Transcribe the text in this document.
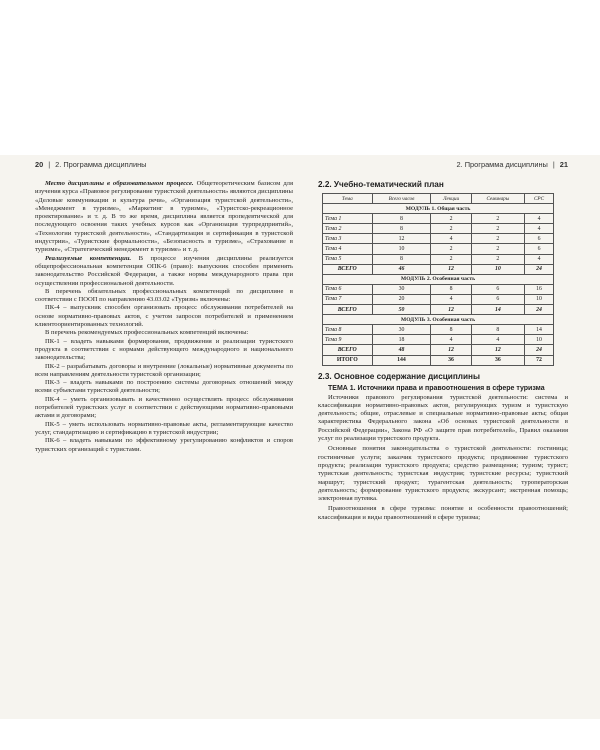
20 | 2. Программа дисциплины

Место дисциплины в образовательном процессе. Общетеоретическим базисом для изучения курса «Правовое регулирование туристской деятельности» являются дисциплины «Деловые коммуникации и культура речи», «Организация туристской деятельности», «Менеджмент в туризме», «Маркетинг в туризме», «Туристско-рекреационное проектирование» и т. д. В то же время, дисциплина является пропедевтической для последующего освоения таких учебных курсов как «Организация турпредприятий», «Технологии туристской деятельности», «Стандартизация и сертификация в туристской индустрии», «Туристские формальности», «Безопасность в туризме», «Страхование в туризме», «Стратегический менеджмент в туризме» и т. д.

Реализуемые компетенции. В процессе изучения дисциплины реализуется общепрофессиональная компетенция ОПК-6 (право): выпускник способен применять законодательство Российской Федерации, а также нормы международного права при осуществлении профессиональной деятельности.

В перечень обязательных профессиональных компетенций по дисциплине в соответствии с ПООП по направлению 43.03.02 «Туризм» включены:

ПК-4 – выпускник способен организовать процесс обслуживания потребителей на основе нормативно-правовых актов, с учетом запросов потребителей и применением клиентоориентированных технологий.

В перечень рекомендуемых профессиональных компетенций включены:

ПК-1 – владеть навыками формирования, продвижения и реализации туристского продукта в соответствии с нормами действующего международного и национального законодательства;

ПК-2 – разрабатывать договоры и внутренние (локальные) нормативные документы по всем направлениям деятельности туристской организации;

ПК-3 – владеть навыками по построению системы договорных отношений между всеми субъектами туристской деятельности;

ПК-4 – уметь организовывать и качественно осуществлять процесс обслуживания потребителей туристских услуг в соответствии с действующими нормативно-правовыми актами и договорами;

ПК-5 – уметь использовать нормативно-правовые акты, регламентирующие качество услуг, стандартизацию и сертификацию в туристской индустрии;

ПК-6 – владеть навыками по эффективному урегулированию конфликтов и споров туристских организаций с туристами.

2. Программа дисциплины | 21
2.2. Учебно-тематический план
Тема	Всего часов	Лекции	Семинары	СРС
МОДУЛЬ 1. Общая часть				
Тема 1	8	2	2	4
Тема 2	8	2	2	4
Тема 3	12	4	2	6
Тема 4	10	2	2	6
Тема 5	8	2	2	4
ВСЕГО	46	12	10	24
МОДУЛЬ 2. Особенная часть				
Тема 6	30	8	6	16
Тема 7	20	4	6	10
ВСЕГО	50	12	14	24
МОДУЛЬ 3. Особенная часть				
Тема 8	30	8	8	14
Тема 9	18	4	4	10
ВСЕГО	48	12	12	24
ИТОГО	144	36	36	72
2.3. Основное содержание дисциплины
ТЕМА 1. Источники права и правоотношения в сфере туризма

Источники правового регулирования туристской деятельности: система и классификация нормативно-правовых актов, регулирующих туризм и туристскую деятельность; общие, отраслевые и специальные нормативно-правовые акты; общая характеристика Федерального закона «Об основах туристской деятельности в Российской Федерации», Закона РФ «О защите прав потребителей», Правил оказания услуг по реализации туристского продукта.

Основные понятия законодательства о туристской деятельности: гостиница; гостиничные услуги; заказчик туристского продукта; продвижение туристского продукта; реализация туристского продукта; средство размещения; туризм; турист; туристская деятельность; туристская индустрия; туристские ресурсы; туристский маршрут; туристский продукт; турагентская деятельность; туроператорская деятельность; формирование туристского продукта; экскурсант; экстренная помощь; электронная путевка.

Правоотношения в сфере туризма: понятие и особенности правоотношений; классификация и виды правоотношений в сфере туризма;
